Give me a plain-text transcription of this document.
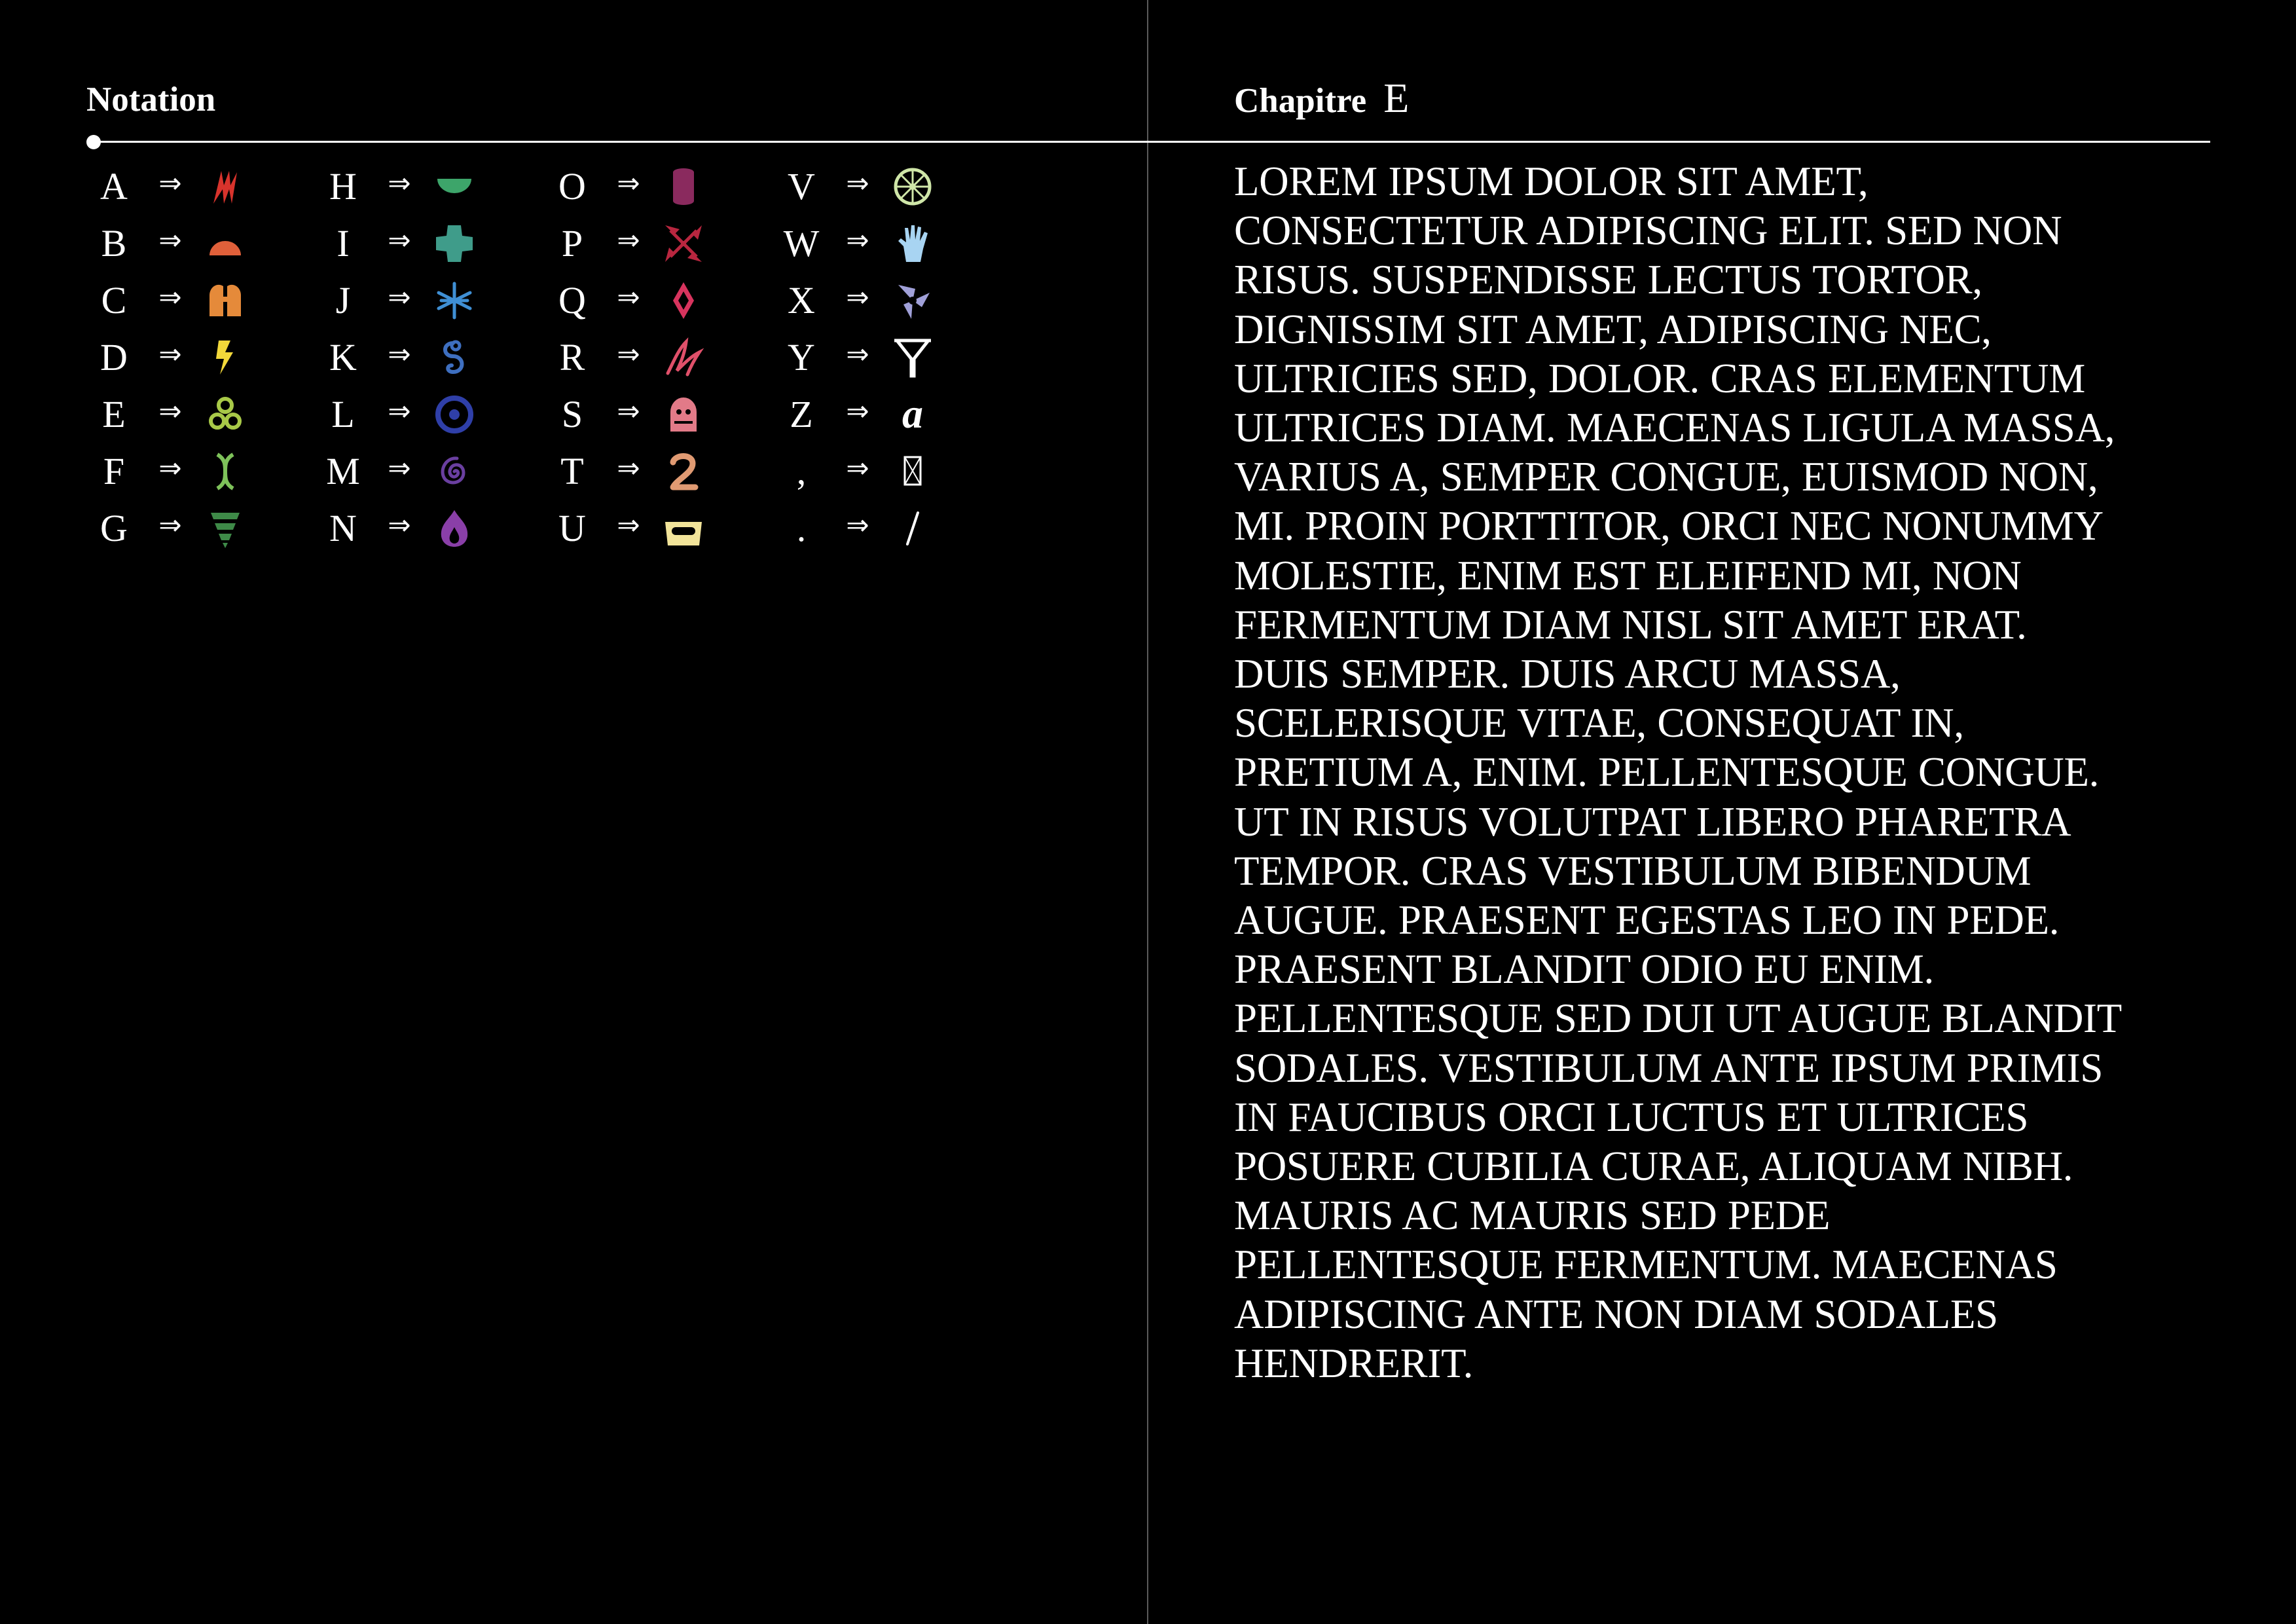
Notation	Chapitre E
A	⇒
B	⇒
C	⇒
D	⇒
E	⇒
F	⇒
G	⇒
H	⇒
I	⇒
J	⇒
K	⇒
L	⇒
M	⇒
N	⇒
O	⇒
P	⇒
Q	⇒
R	⇒
S	⇒
T	⇒
U	⇒
V	⇒
W ⇒
X	⇒
Y	⇒
Z	⇒ a
,	⇒
.	⇒
LOREM IPSUM DOLOR SIT AMET,
CONSECTETUR ADIPISCING ELIT. SED NON
RISUS. SUSPENDISSE LECTUS TORTOR,
DIGNISSIM SIT AMET, ADIPISCING NEC,
ULTRICIES SED, DOLOR. CRAS ELEMENTUM
ULTRICES DIAM. MAECENAS LIGULA MASSA,
VARIUS A, SEMPER CONGUE, EUISMOD NON,
MI. PROIN PORTTITOR, ORCI NEC NONUMMY
MOLESTIE, ENIM EST ELEIFEND MI, NON
FERMENTUM DIAM NISL SIT AMET ERAT.
DUIS SEMPER. DUIS ARCU MASSA,
SCELERISQUE VITAE, CONSEQUAT IN,
PRETIUM A, ENIM. PELLENTESQUE CONGUE.
UT IN RISUS VOLUTPAT LIBERO PHARETRA
TEMPOR. CRAS VESTIBULUM BIBENDUM
AUGUE. PRAESENT EGESTAS LEO IN PEDE.
PRAESENT BLANDIT ODIO EU ENIM.
PELLENTESQUE SED DUI UT AUGUE BLANDIT
SODALES. VESTIBULUM ANTE IPSUM PRIMIS
IN FAUCIBUS ORCI LUCTUS ET ULTRICES
POSUERE CUBILIA CURAE, ALIQUAM NIBH.
MAURIS AC MAURIS SED PEDE
PELLENTESQUE FERMENTUM. MAECENAS
ADIPISCING ANTE NON DIAM SODALES
HENDRERIT.
